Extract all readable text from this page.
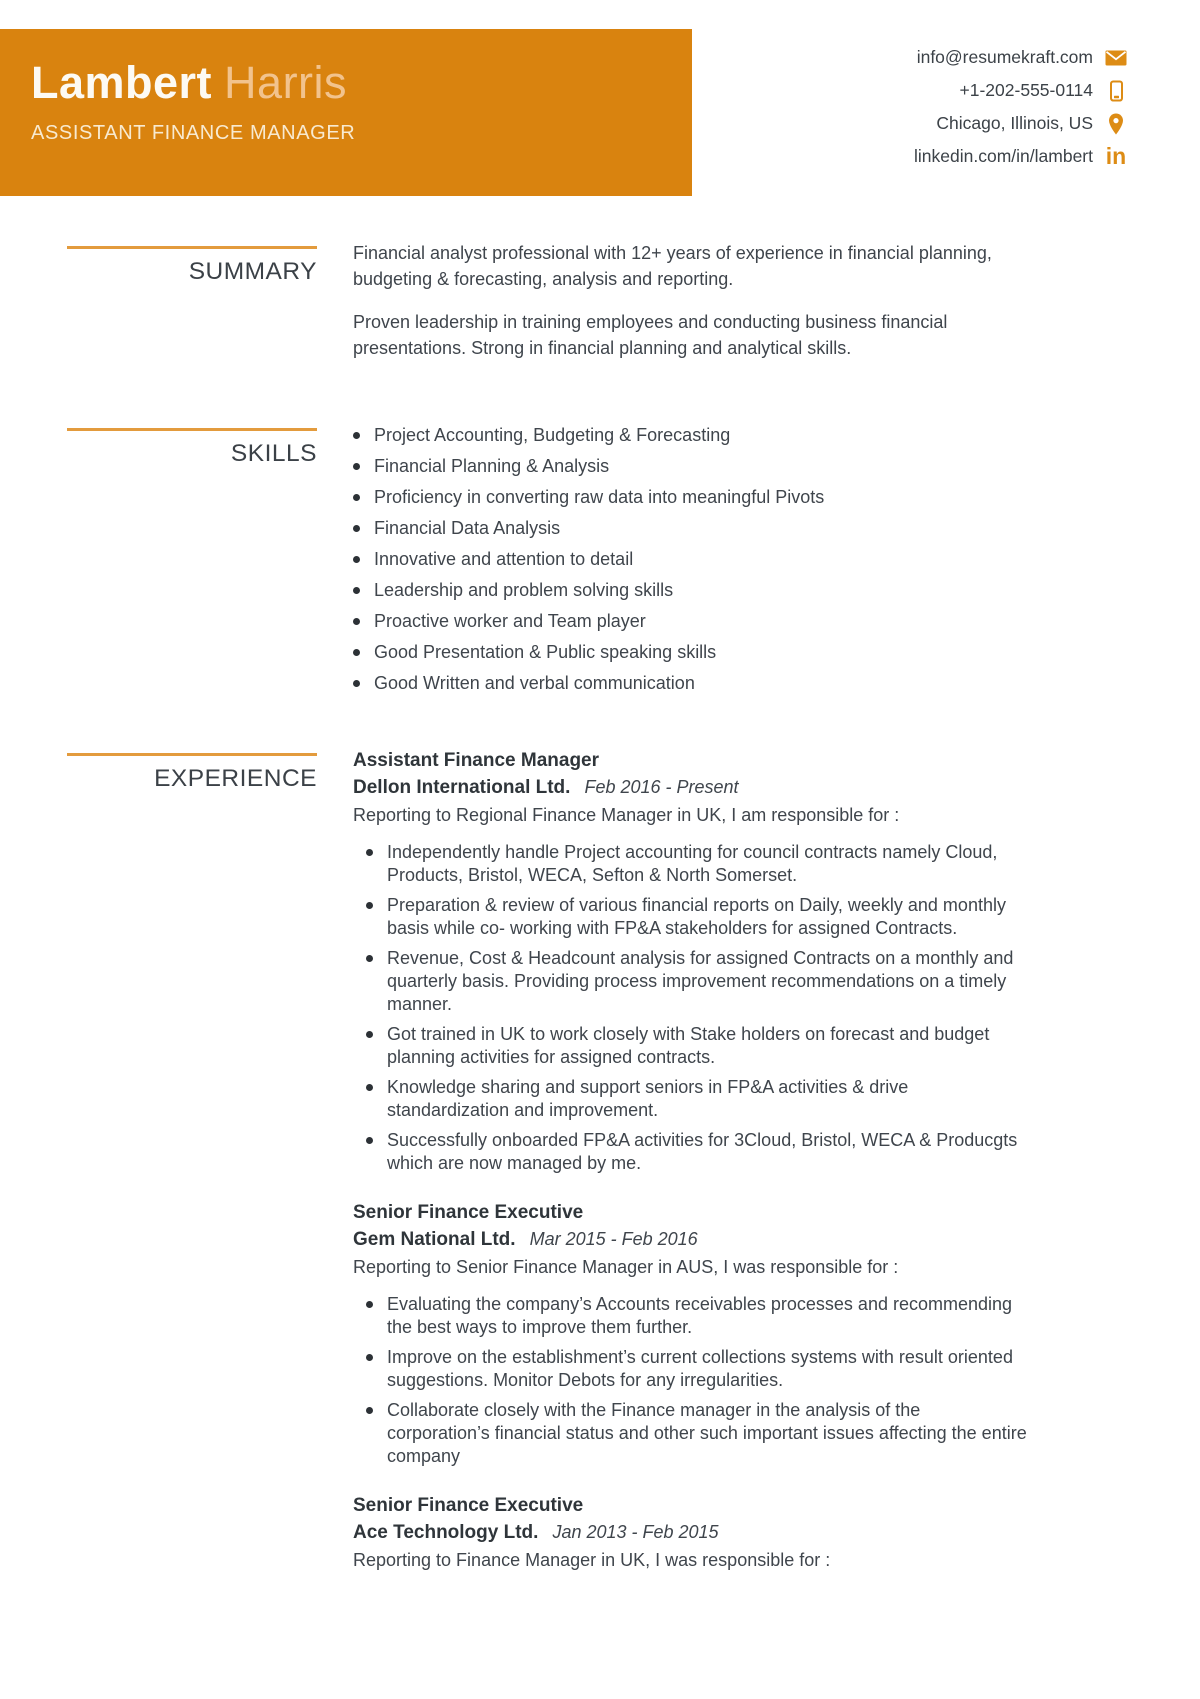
Lambert Harris
ASSISTANT FINANCE MANAGER
info@resumekraft.com
+1-202-555-0114
Chicago, Illinois, US
linkedin.com/in/lambert in
SUMMARY

Financial analyst professional with 12+ years of experience in financial planning, budgeting & forecasting, analysis and reporting.

Proven leadership in training employees and conducting business financial presentations. Strong in financial planning and analytical skills.

SKILLS
Project Accounting, Budgeting & Forecasting
Financial Planning & Analysis
Proficiency in converting raw data into meaningful Pivots
Financial Data Analysis
Innovative and attention to detail
Leadership and problem solving skills
Proactive worker and Team player
Good Presentation & Public speaking skills
Good Written and verbal communication
EXPERIENCE
Assistant Finance Manager
Dellon International Ltd. Feb 2016 - Present

Reporting to Regional Finance Manager in UK, I am responsible for :

Independently handle Project accounting for council contracts namely Cloud, Products, Bristol, WECA, Sefton & North Somerset.
Preparation & review of various financial reports on Daily, weekly and monthly basis while co- working with FP&A stakeholders for assigned Contracts.
Revenue, Cost & Headcount analysis for assigned Contracts on a monthly and quarterly basis. Providing process improvement recommendations on a timely manner.
Got trained in UK to work closely with Stake holders on forecast and budget planning activities for assigned contracts.
Knowledge sharing and support seniors in FP&A activities & drive standardization and improvement.
Successfully onboarded FP&A activities for 3Cloud, Bristol, WECA & Producgts which are now managed by me.
Senior Finance Executive
Gem National Ltd. Mar 2015 - Feb 2016

Reporting to Senior Finance Manager in AUS, I was responsible for :

Evaluating the company’s Accounts receivables processes and recommending the best ways to improve them further.
Improve on the establishment’s current collections systems with result oriented suggestions. Monitor Debots for any irregularities.
Collaborate closely with the Finance manager in the analysis of the corporation’s financial status and other such important issues affecting the entire company
Senior Finance Executive
Ace Technology Ltd. Jan 2013 - Feb 2015

Reporting to Finance Manager in UK, I was responsible for :
